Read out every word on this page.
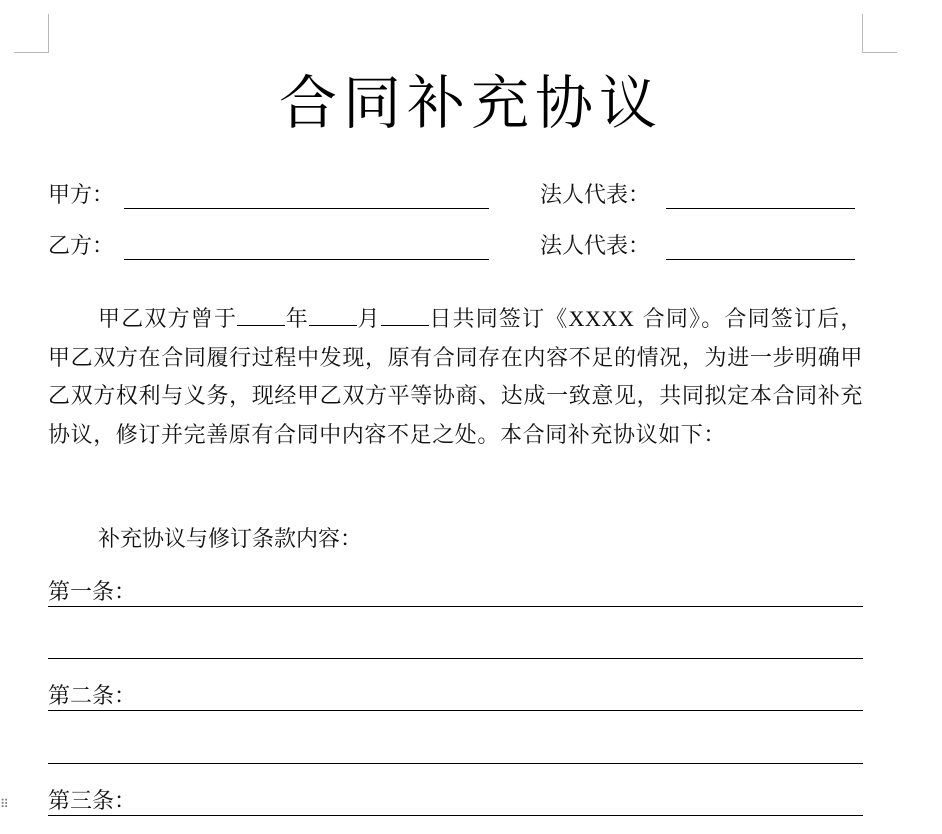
合同补充协议
甲方：	法人代表：
乙方：	法人代表：

甲乙双方曾于 年 月 日共同签订《XXXX 合同》。合同签订后，甲乙双方在合同履行过程中发现，原有合同存在内容不足的情况，为进一步明确甲乙双方权利与义务，现经甲乙双方平等协商、达成一致意见，共同拟定本合同补充协议，修订并完善原有合同中内容不足之处。本合同补充协议如下：

补充协议与修订条款内容：
第一条：
第二条：
第三条：
⠿
